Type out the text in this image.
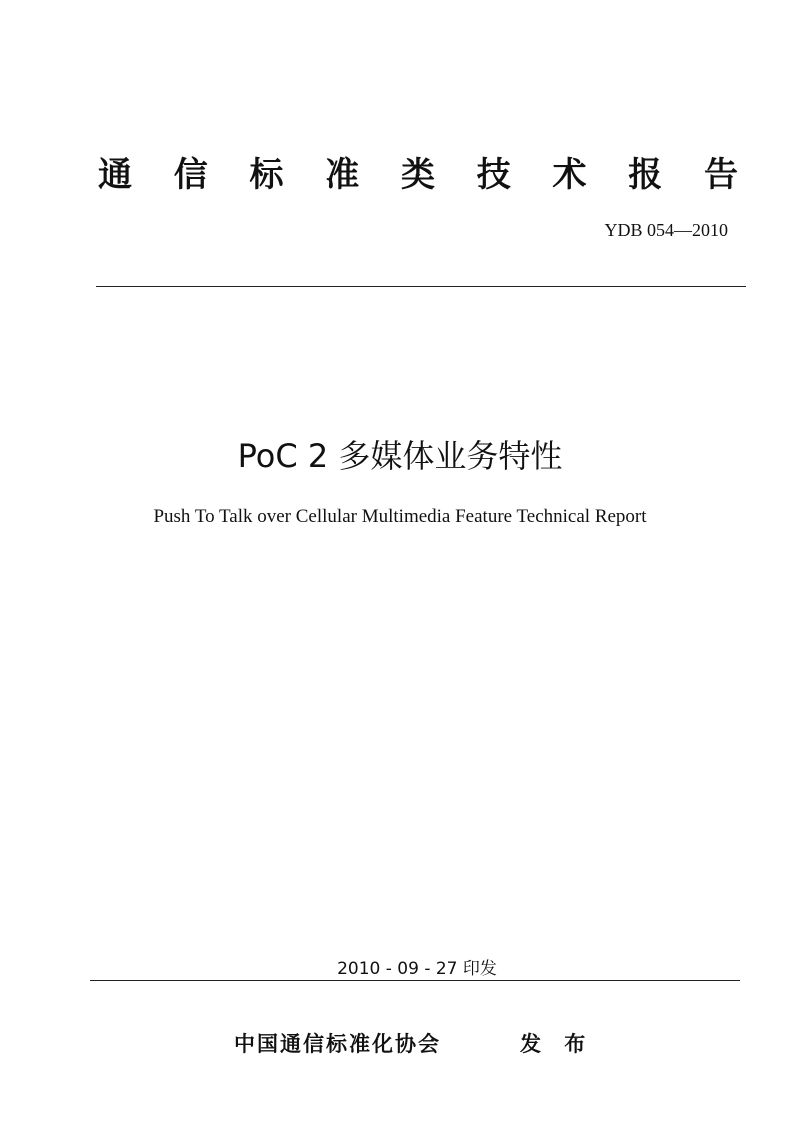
通 信 标 准 类 技 术 报 告
YDB 054—2010
PoC 2 多媒体业务特性
Push To Talk over Cellular Multimedia Feature Technical Report
2010 - 09 - 27 印发
中国通信标准化协会	发 布
